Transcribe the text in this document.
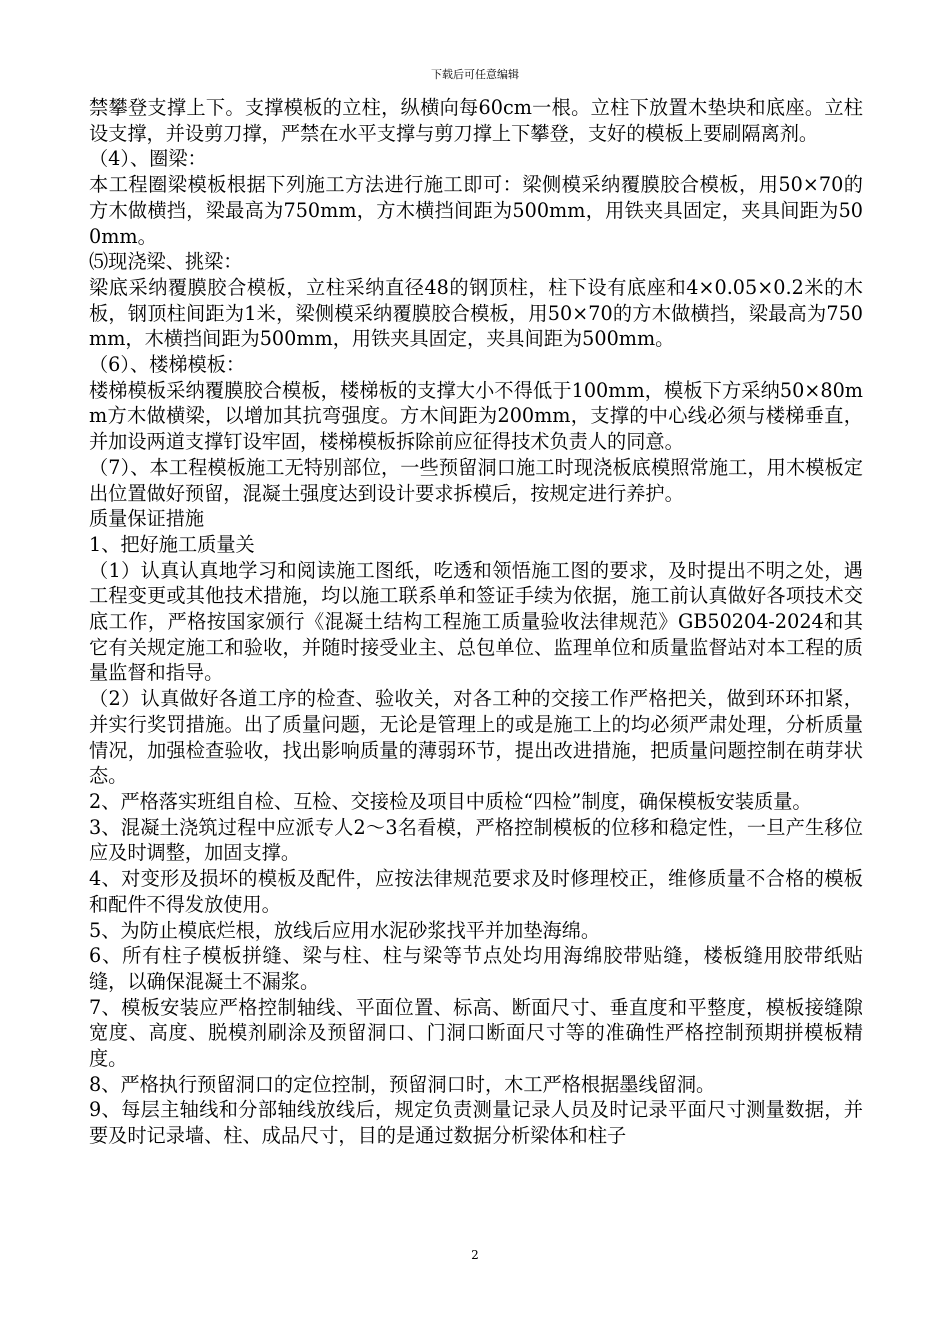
下载后可任意编辑

禁攀登支撑上下。支撑模板的立柱，纵横向每60cm一根。立柱下放置木垫块和底座。立柱设支撑，并设剪刀撑，严禁在水平支撑与剪刀撑上下攀登，支好的模板上要刷隔离剂。

（4）、圈梁：

本工程圈梁模板根据下列施工方法进行施工即可：梁侧模采纳覆膜胶合模板，用50×70的方木做横挡，梁最高为750mm，方木横挡间距为500mm，用铁夹具固定，夹具间距为500mm。

⑸现浇梁、挑梁：

梁底采纳覆膜胶合模板，立柱采纳直径48的钢顶柱，柱下设有底座和4×0.05×0.2米的木板，钢顶柱间距为1米，梁侧模采纳覆膜胶合模板，用50×70的方木做横挡，梁最高为750mm，木横挡间距为500mm，用铁夹具固定，夹具间距为500mm。

（6）、楼梯模板：

楼梯模板采纳覆膜胶合模板，楼梯板的支撑大小不得低于100mm，模板下方采纳50×80mm方木做横梁，以增加其抗弯强度。方木间距为200mm，支撑的中心线必须与楼梯垂直，并加设两道支撑钉设牢固，楼梯模板拆除前应征得技术负责人的同意。

（7）、本工程模板施工无特别部位，一些预留洞口施工时现浇板底模照常施工，用木模板定出位置做好预留，混凝土强度达到设计要求拆模后，按规定进行养护。

质量保证措施

1、把好施工质量关

（1）认真认真地学习和阅读施工图纸，吃透和领悟施工图的要求，及时提出不明之处，遇工程变更或其他技术措施，均以施工联系单和签证手续为依据，施工前认真做好各项技术交底工作，严格按国家颁行《混凝土结构工程施工质量验收法律规范》GB50204-2024和其它有关规定施工和验收，并随时接受业主、总包单位、监理单位和质量监督站对本工程的质量监督和指导。

（2）认真做好各道工序的检查、验收关，对各工种的交接工作严格把关，做到环环扣紧，并实行奖罚措施。出了质量问题，无论是管理上的或是施工上的均必须严肃处理，分析质量情况，加强检查验收，找出影响质量的薄弱环节，提出改进措施，把质量问题控制在萌芽状态。

2、严格落实班组自检、互检、交接检及项目中质检“四检”制度，确保模板安装质量。

3、混凝土浇筑过程中应派专人2～3名看模，严格控制模板的位移和稳定性，一旦产生移位应及时调整，加固支撑。

4、对变形及损坏的模板及配件，应按法律规范要求及时修理校正，维修质量不合格的模板和配件不得发放使用。

5、为防止模底烂根，放线后应用水泥砂浆找平并加垫海绵。

6、所有柱子模板拼缝、梁与柱、柱与梁等节点处均用海绵胶带贴缝，楼板缝用胶带纸贴缝，以确保混凝土不漏浆。

7、模板安装应严格控制轴线、平面位置、标高、断面尺寸、垂直度和平整度，模板接缝隙宽度、高度、脱模剂刷涂及预留洞口、门洞口断面尺寸等的准确性严格控制预期拼模板精度。

8、严格执行预留洞口的定位控制，预留洞口时，木工严格根据墨线留洞。

9、每层主轴线和分部轴线放线后，规定负责测量记录人员及时记录平面尺寸测量数据，并要及时记录墙、柱、成品尺寸，目的是通过数据分析梁体和柱子

2
